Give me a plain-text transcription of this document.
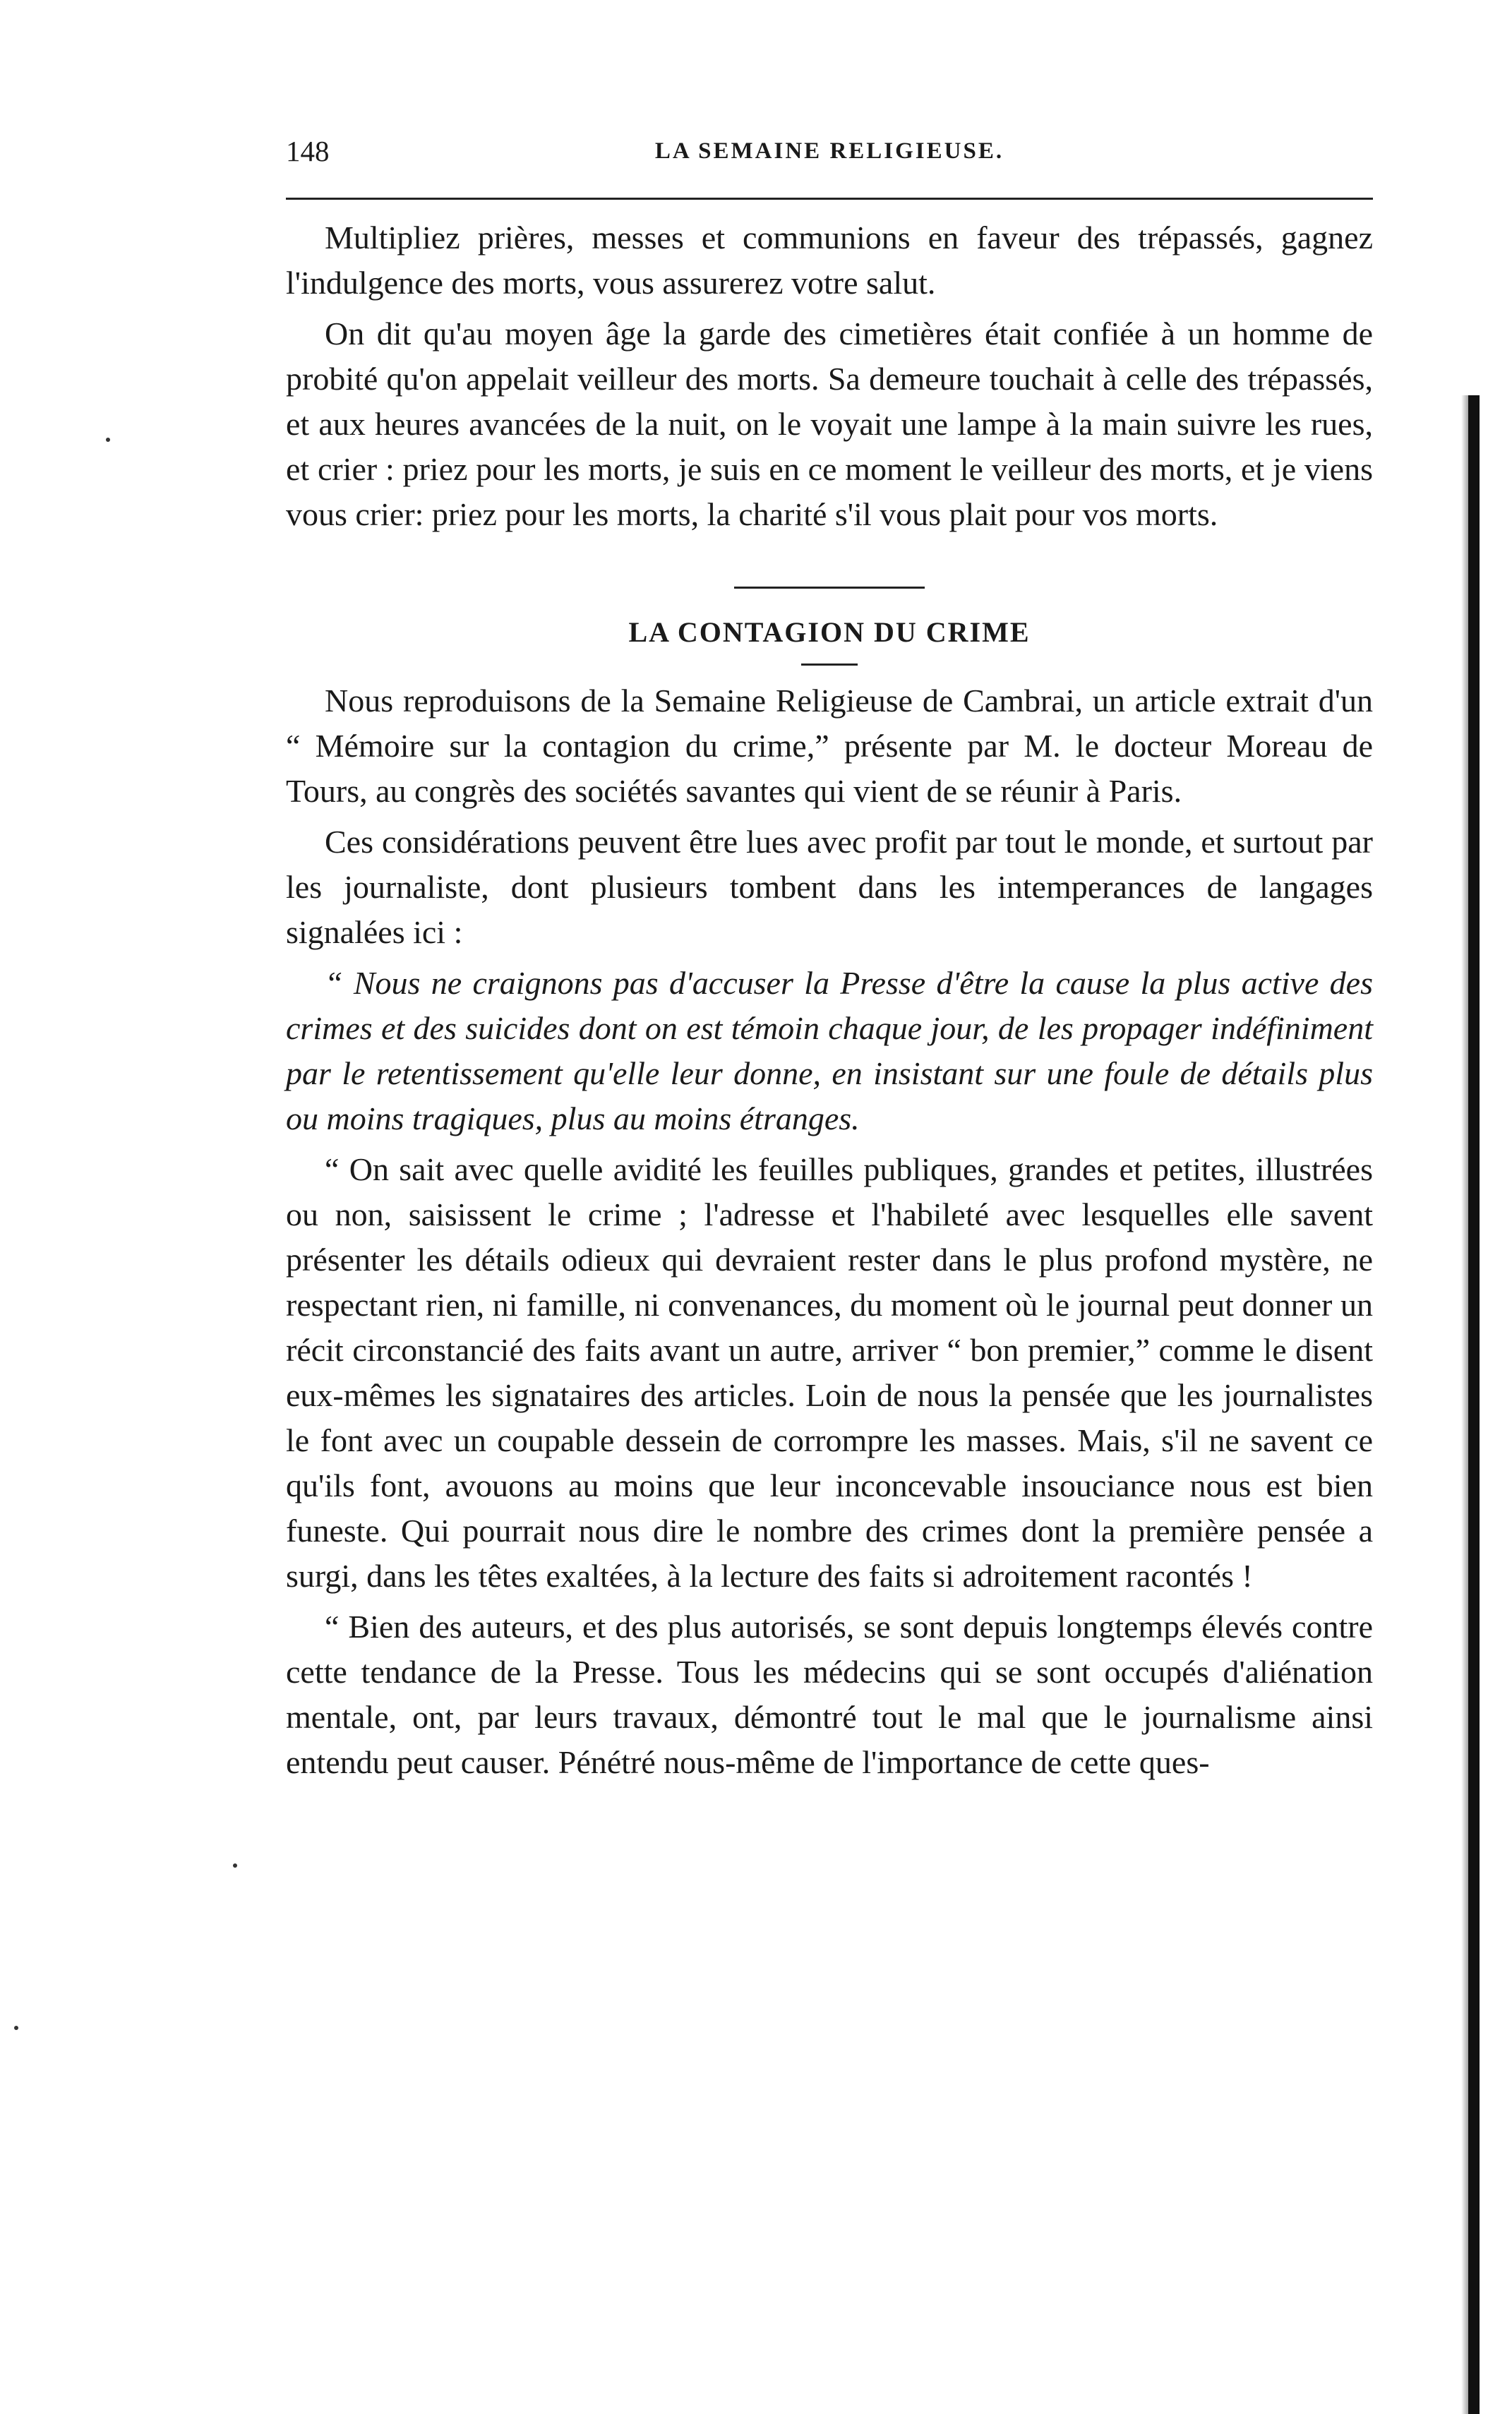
148	LA SEMAINE RELIGIEUSE.

Multipliez prières, messes et communions en faveur des trépassés, gagnez l'indulgence des morts, vous assurerez votre salut.

On dit qu'au moyen âge la garde des cimetières était confiée à un homme de probité qu'on appelait veilleur des morts. Sa demeure touchait à celle des trépassés, et aux heures avancées de la nuit, on le voyait une lampe à la main suivre les rues, et crier : priez pour les morts, je suis en ce moment le veilleur des morts, et je viens vous crier: priez pour les morts, la charité s'il vous plait pour vos morts.

LA CONTAGION DU CRIME

Nous reproduisons de la Semaine Religieuse de Cambrai, un article extrait d'un “ Mémoire sur la contagion du crime,” présente par M. le docteur Moreau de Tours, au congrès des sociétés savantes qui vient de se réunir à Paris.

Ces considérations peuvent être lues avec profit par tout le monde, et surtout par les journaliste, dont plusieurs tombent dans les intemperances de langages signalées ici :

“ Nous ne craignons pas d'accuser la Presse d'être la cause la plus active des crimes et des suicides dont on est témoin chaque jour, de les propager indéfiniment par le retentissement qu'elle leur donne, en insistant sur une foule de détails plus ou moins tragiques, plus au moins étranges.

“ On sait avec quelle avidité les feuilles publiques, grandes et petites, illustrées ou non, saisissent le crime ; l'adresse et l'habileté avec lesquelles elle savent présenter les détails odieux qui devraient rester dans le plus profond mystère, ne respectant rien, ni famille, ni convenances, du moment où le journal peut donner un récit circonstancié des faits avant un autre, arriver “ bon premier,” comme le disent eux-mêmes les signataires des articles. Loin de nous la pensée que les journalistes le font avec un coupable dessein de corrompre les masses. Mais, s'il ne savent ce qu'ils font, avouons au moins que leur inconcevable insouciance nous est bien funeste. Qui pourrait nous dire le nombre des crimes dont la première pensée a surgi, dans les têtes exaltées, à la lecture des faits si adroitement racontés !

“ Bien des auteurs, et des plus autorisés, se sont depuis longtemps élevés contre cette tendance de la Presse. Tous les médecins qui se sont occupés d'aliénation mentale, ont, par leurs travaux, démontré tout le mal que le journalisme ainsi entendu peut causer. Pénétré nous-même de l'importance de cette ques-
